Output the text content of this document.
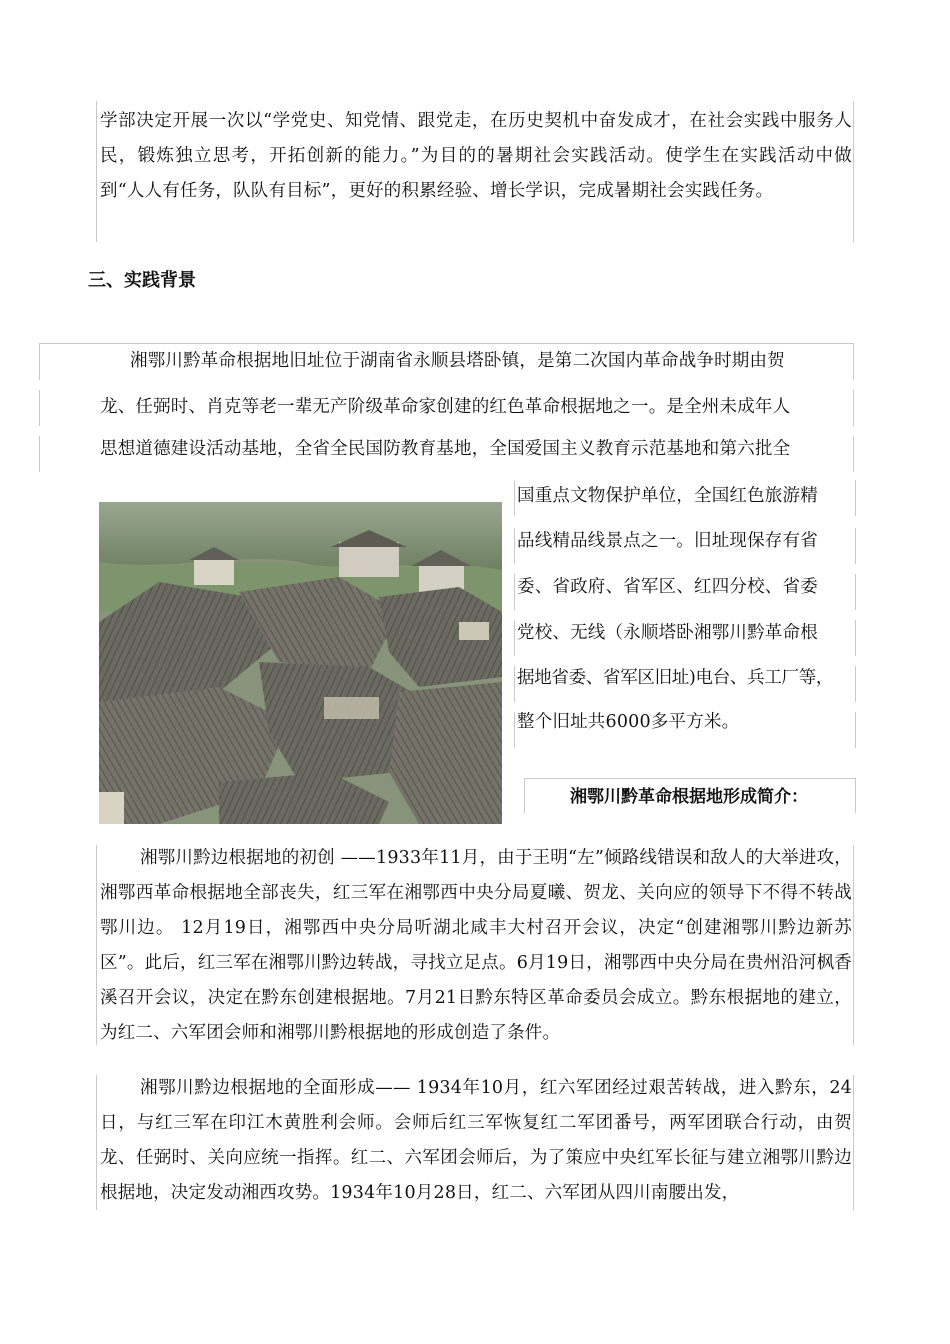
学部决定开展一次以“学党史、知党情、跟党走，在历史契机中奋发成才，在社会实践中服务人民，锻炼独立思考，开拓创新的能力。”为目的的暑期社会实践活动。使学生在实践活动中做到“人人有任务，队队有目标”，更好的积累经验、增长学识，完成暑期社会实践任务。

三、实践背景

湘鄂川黔革命根据地旧址位于湖南省永顺县塔卧镇，是第二次国内革命战争时期由贺

龙、任弼时、肖克等老一辈无产阶级革命家创建的红色革命根据地之一。是全州未成年人

思想道德建设活动基地，全省全民国防教育基地，全国爱国主义教育示范基地和第六批全

国重点文物保护单位，全国红色旅游精

品线精品线景点之一。旧址现保存有省

委、省政府、省军区、红四分校、省委

党校、无线（永顺塔卧湘鄂川黔革命根

据地省委、省军区旧址)电台、兵工厂等，

整个旧址共6000多平方米。

湘鄂川黔革命根据地形成简介：

湘鄂川黔边根据地的初创 ——1933年11月，由于王明“左”倾路线错误和敌人的大举进攻，湘鄂西革命根据地全部丧失，红三军在湘鄂西中央分局夏曦、贺龙、关向应的领导下不得不转战鄂川边。 12月19日，湘鄂西中央分局听湖北咸丰大村召开会议，决定“创建湘鄂川黔边新苏区”。此后，红三军在湘鄂川黔边转战，寻找立足点。6月19日，湘鄂西中央分局在贵州沿河枫香溪召开会议，决定在黔东创建根据地。7月21日黔东特区革命委员会成立。黔东根据地的建立，为红二、六军团会师和湘鄂川黔根据地的形成创造了条件。

湘鄂川黔边根据地的全面形成—— 1934年10月，红六军团经过艰苦转战，进入黔东，24日，与红三军在印江木黄胜利会师。会师后红三军恢复红二军团番号，两军团联合行动，由贺龙、任弼时、关向应统一指挥。红二、六军团会师后，为了策应中央红军长征与建立湘鄂川黔边根据地，决定发动湘西攻势。1934年10月28日，红二、六军团从四川南腰出发，
